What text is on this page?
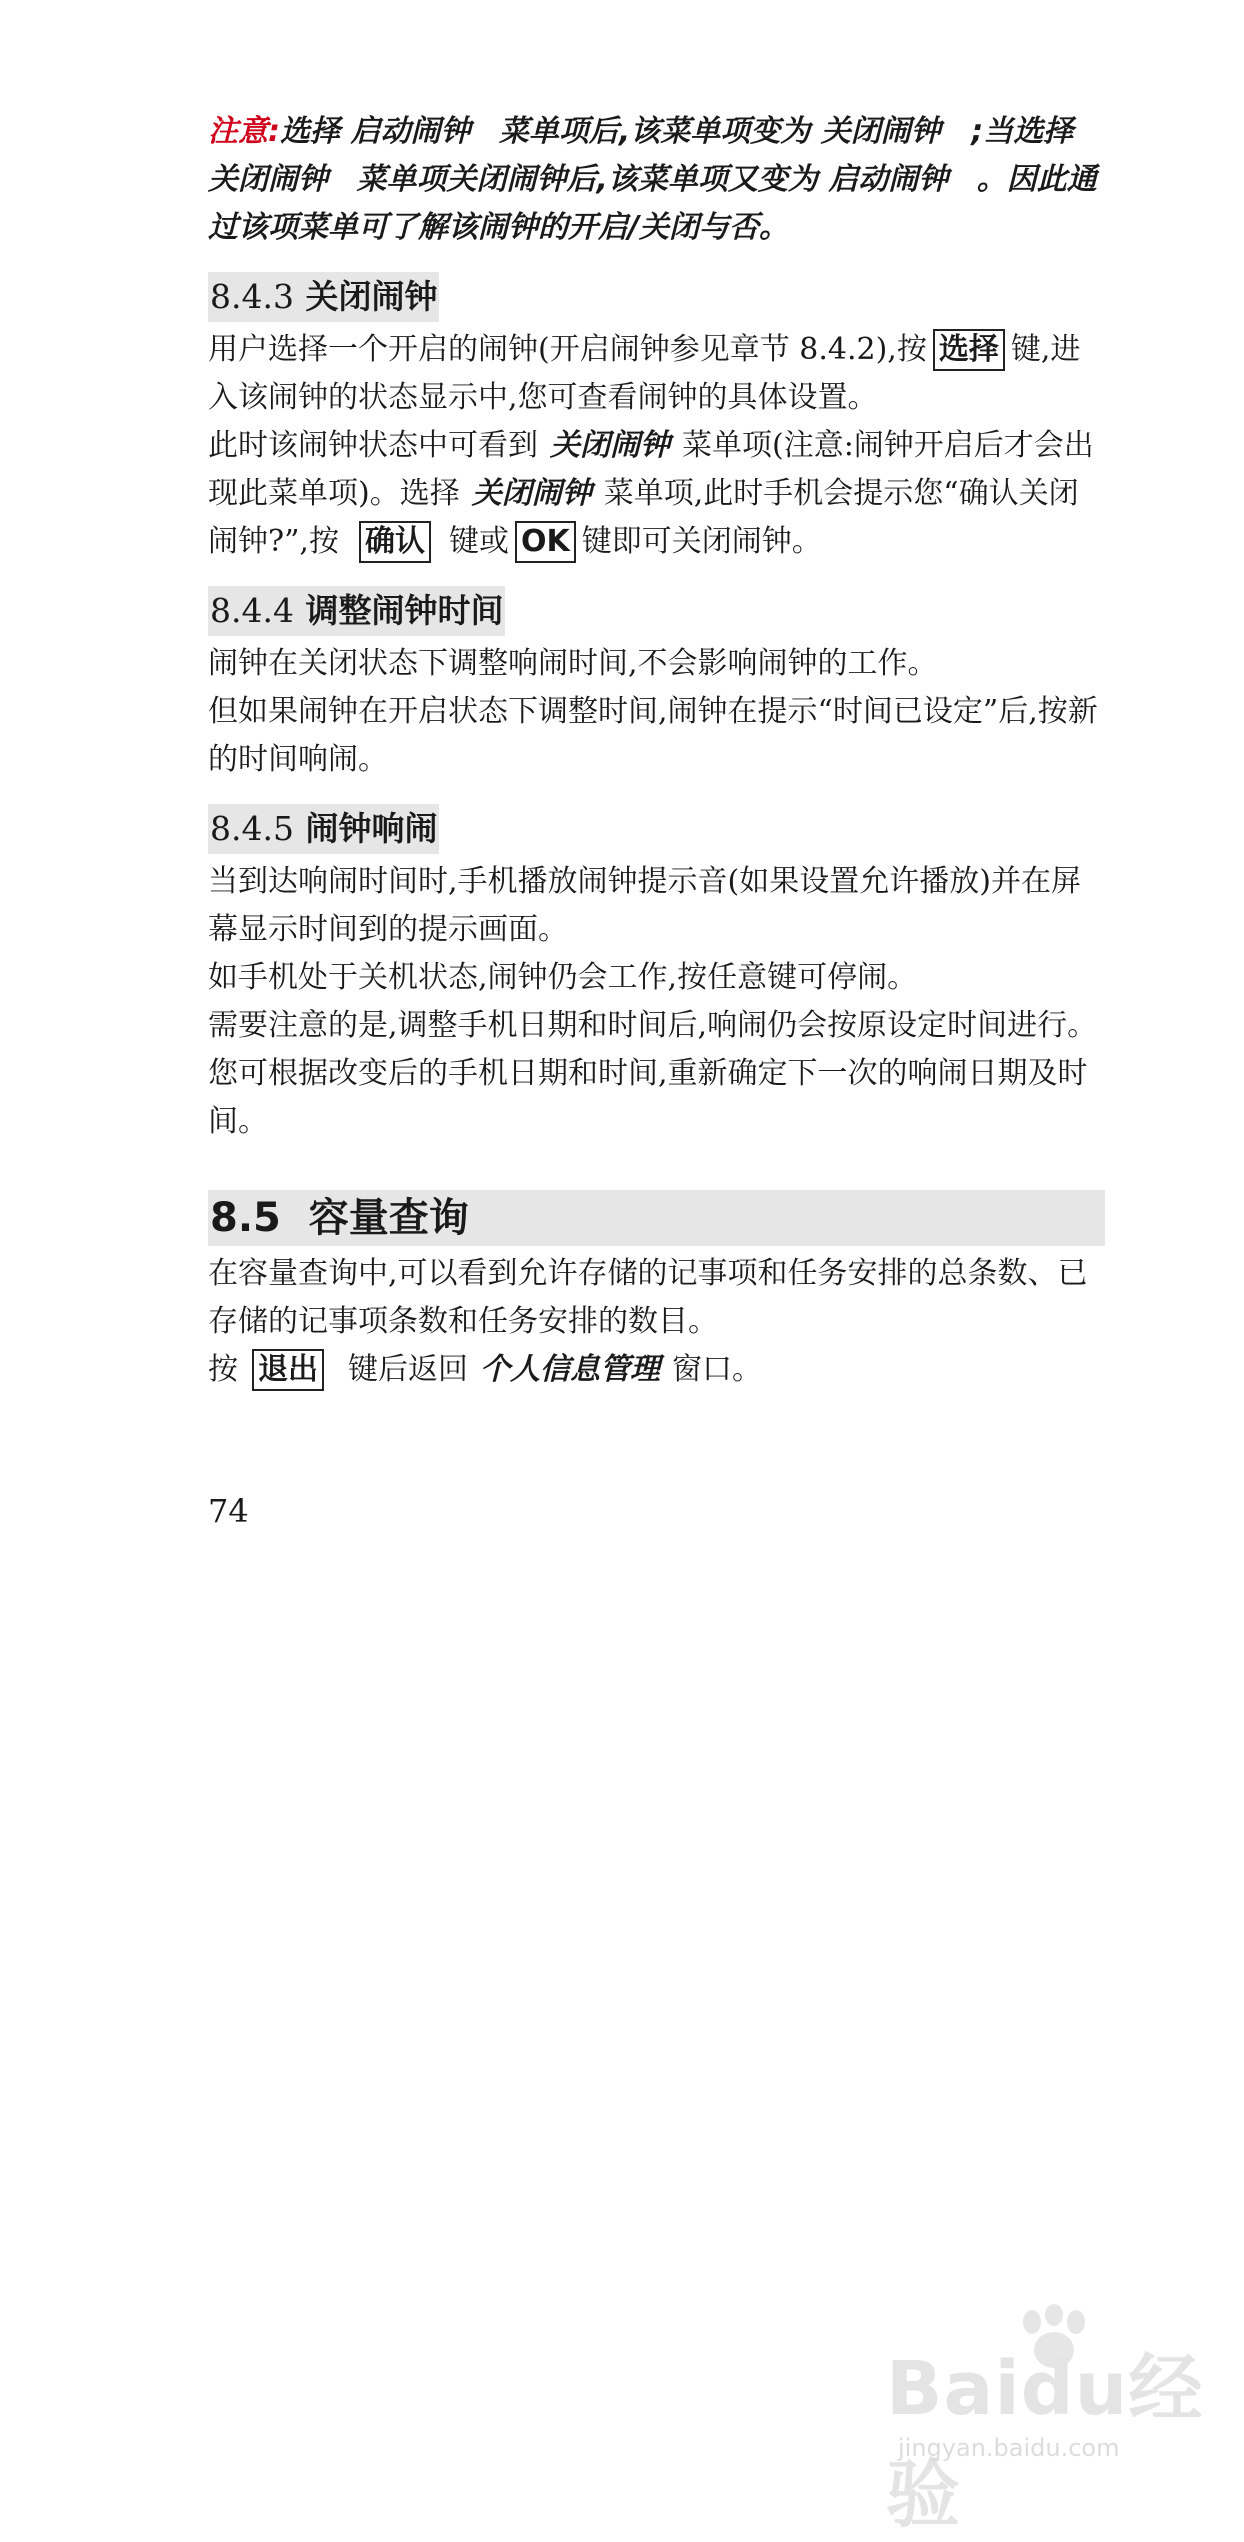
注意:选择 启动闹钟 菜单项后,该菜单项变为 关闭闹钟 ;当选择 关闭闹钟 菜单项关闭闹钟后,该菜单项又变为 启动闹钟 。因此通过该项菜单可了解该闹钟的开启/关闭与否。

8.4.3 关闭闹钟

用户选择一个开启的闹钟(开启闹钟参见章节 8.4.2),按 选择 键,进入该闹钟的状态显示中,您可查看闹钟的具体设置。

此时该闹钟状态中可看到 关闭闹钟 菜单项(注意:闹钟开启后才会出现此菜单项)。选择 关闭闹钟 菜单项,此时手机会提示您“确认关闭闹钟?”,按 确认 键或 OK 键即可关闭闹钟。

8.4.4 调整闹钟时间

闹钟在关闭状态下调整响闹时间,不会影响闹钟的工作。

但如果闹钟在开启状态下调整时间,闹钟在提示“时间已设定”后,按新的时间响闹。

8.4.5 闹钟响闹

当到达响闹时间时,手机播放闹钟提示音(如果设置允许播放)并在屏幕显示时间到的提示画面。

如手机处于关机状态,闹钟仍会工作,按任意键可停闹。

需要注意的是,调整手机日期和时间后,响闹仍会按原设定时间进行。您可根据改变后的手机日期和时间,重新确定下一次的响闹日期及时间。

8.5 容量查询

在容量查询中,可以看到允许存储的记事项和任务安排的总条数、已存储的记事项条数和任务安排的数目。

按 退出 键后返回 个人信息管理 窗口。

74
Baidu经验
jingyan.baidu.com
